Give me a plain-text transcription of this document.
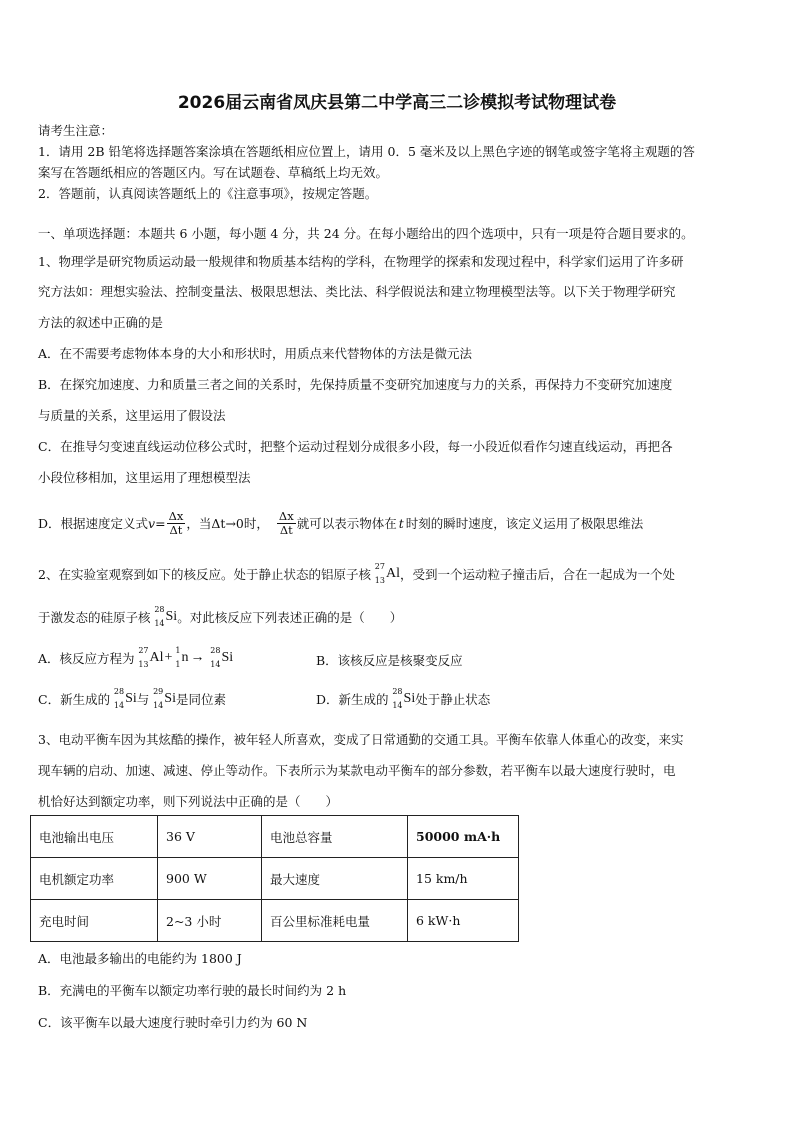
2026届云南省凤庆县第二中学高三二诊模拟考试物理试卷
请考生注意：
1．请用 2B 铅笔将选择题答案涂填在答题纸相应位置上，请用 0．5 毫米及以上黑色字迹的钢笔或签字笔将主观题的答
案写在答题纸相应的答题区内。写在试题卷、草稿纸上均无效。
2．答题前，认真阅读答题纸上的《注意事项》，按规定答题。
一、单项选择题：本题共 6 小题，每小题 4 分，共 24 分。在每小题给出的四个选项中，只有一项是符合题目要求的。
1、物理学是研究物质运动最一般规律和物质基本结构的学科，在物理学的探索和发现过程中，科学家们运用了许多研
究方法如：理想实验法、控制变量法、极限思想法、类比法、科学假说法和建立物理模型法等。以下关于物理学研究
方法的叙述中正确的是
A．在不需要考虑物体本身的大小和形状时，用质点来代替物体的方法是微元法
B．在探究加速度、力和质量三者之间的关系时，先保持质量不变研究加速度与力的关系，再保持力不变研究加速度
与质量的关系，这里运用了假设法
C．在推导匀变速直线运动位移公式时，把整个运动过程划分成很多小段，每一小段近似看作匀速直线运动，再把各
小段位移相加，这里运用了理想模型法
D．根据速度定义式 $v = \frac{\Delta x}{\Delta t}$ ，当 Δt→0 时， $\frac{\Delta x}{\Delta t}$ 就可以表示物体在 t 时刻的瞬时速度，该定义运用了极限思维法
2、在实验室观察到如下的核反应。处于静止状态的铝原子核
27
13 Al ，受到一个运动粒子撞击后，合在一起成为一个处
于激发态的硅原子核
28
14 Si 。对此核反应下列表述正确的是（　　）
A．核反应方程为
27
13 Al + 1
1 n → 28
14 Si	B．该核反应是核聚变反应
C．新生成的
28
14 Si 与
29
14 Si 是同位素	D．新生成的
28
14 Si 处于静止状态
3、电动平衡车因为其炫酷的操作，被年轻人所喜欢，变成了日常通勤的交通工具。平衡车依靠人体重心的改变，来实
现车辆的启动、加速、减速、停止等动作。下表所示为某款电动平衡车的部分参数，若平衡车以最大速度行驶时，电
机恰好达到额定功率，则下列说法中正确的是（　　）
电池输出电压	36 V	电池总容量	50000 mA·h
电机额定功率	900 W	最大速度	15 km/h
充电时间	2~3 小时	百公里标准耗电量	6 kW·h
A．电池最多输出的电能约为 1800 J
B．充满电的平衡车以额定功率行驶的最长时间约为 2 h
C．该平衡车以最大速度行驶时牵引力约为 60 N
